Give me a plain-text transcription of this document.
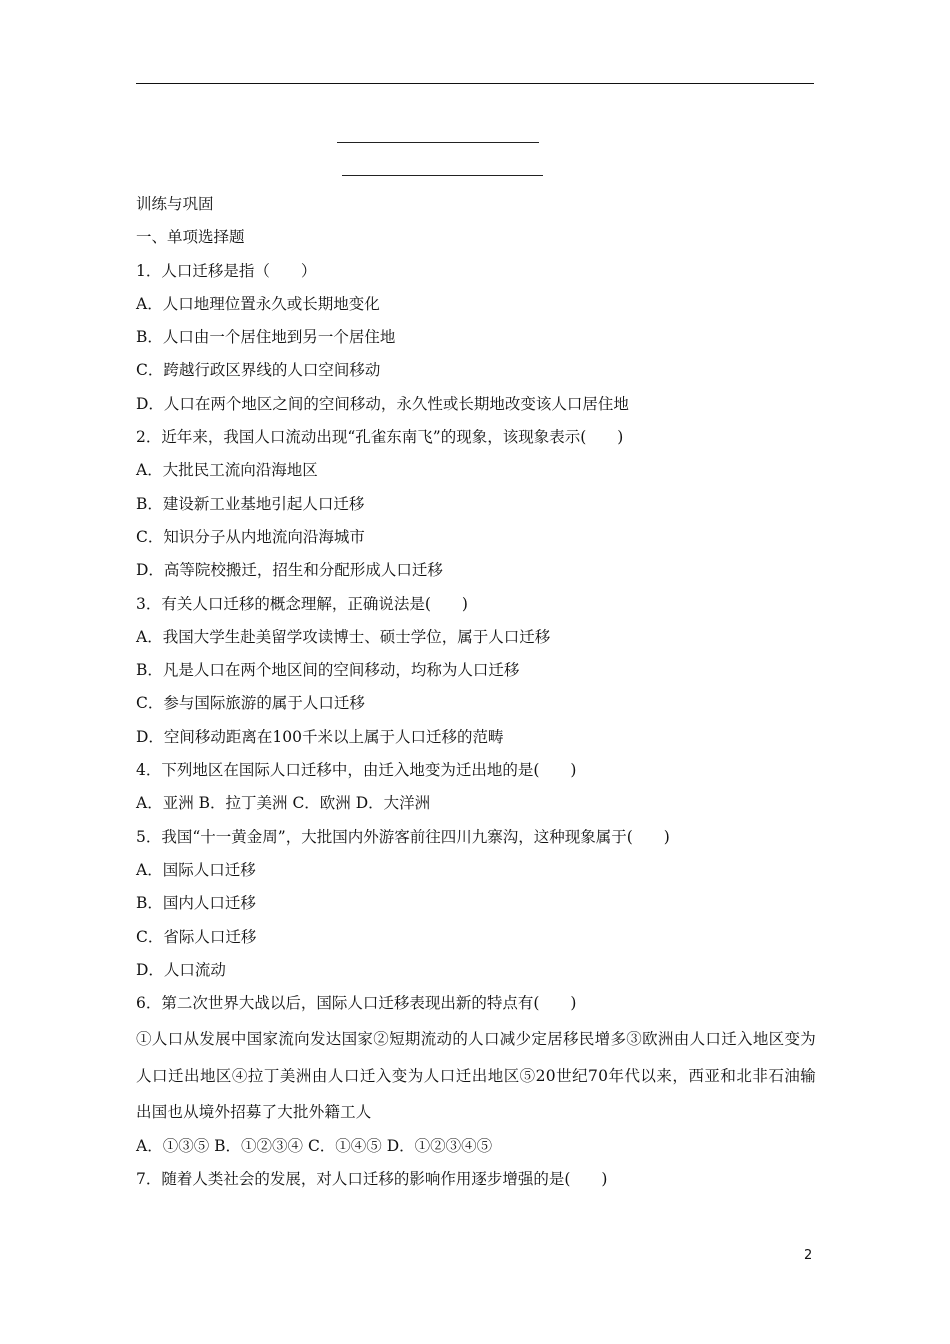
训练与巩固
一、单项选择题
1．人口迁移是指（　　）
A．人口地理位置永久或长期地变化
B．人口由一个居住地到另一个居住地
C．跨越行政区界线的人口空间移动
D．人口在两个地区之间的空间移动，永久性或长期地改变该人口居住地
2．近年来，我国人口流动出现“孔雀东南飞”的现象，该现象表示(　　)
A．大批民工流向沿海地区
B．建设新工业基地引起人口迁移
C．知识分子从内地流向沿海城市
D．高等院校搬迁，招生和分配形成人口迁移
3．有关人口迁移的概念理解，正确说法是(　　)
A．我国大学生赴美留学攻读博士、硕士学位，属于人口迁移
B．凡是人口在两个地区间的空间移动，均称为人口迁移
C．参与国际旅游的属于人口迁移
D．空间移动距离在100千米以上属于人口迁移的范畴
4．下列地区在国际人口迁移中，由迁入地变为迁出地的是(　　)
A．亚洲 B．拉丁美洲 C．欧洲 D．大洋洲
5．我国“十一黄金周”，大批国内外游客前往四川九寨沟，这种现象属于(　　)
A．国际人口迁移
B．国内人口迁移
C．省际人口迁移
D．人口流动
6．第二次世界大战以后，国际人口迁移表现出新的特点有(　　)
①人口从发展中国家流向发达国家②短期流动的人口减少定居移民增多③欧洲由人口迁入地区变为人口迁出地区④拉丁美洲由人口迁入变为人口迁出地区⑤20世纪70年代以来，西亚和北非石油输出国也从境外招募了大批外籍工人
A．①③⑤ B．①②③④ C．①④⑤ D．①②③④⑤
7．随着人类社会的发展，对人口迁移的影响作用逐步增强的是(　　)
2
